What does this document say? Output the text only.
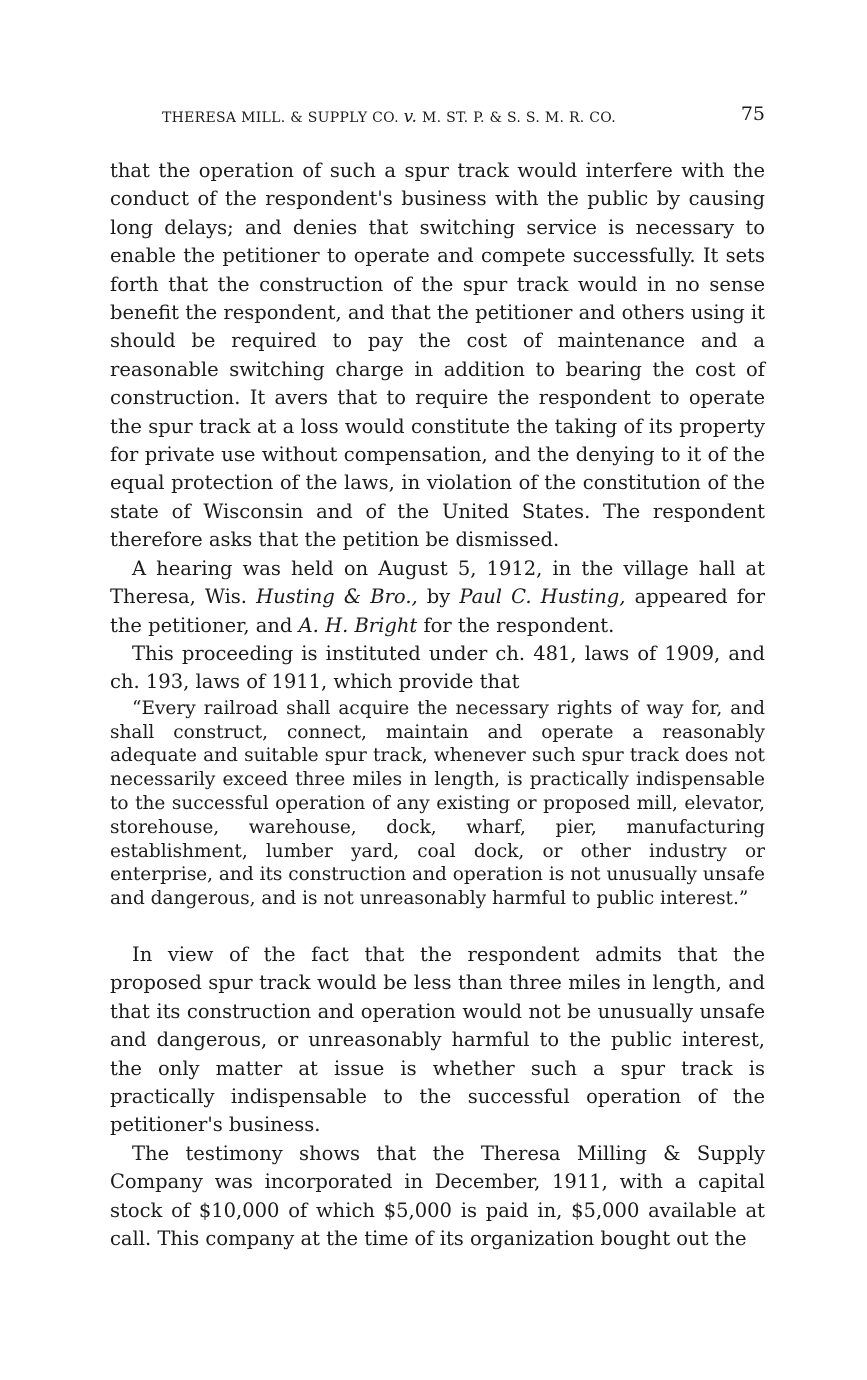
THERESA MILL. & SUPPLY CO. v. M. ST. P. & S. S. M. R. CO.	75

that the operation of such a spur track would interfere with the conduct of the respondent's business with the public by causing long delays; and denies that switching service is necessary to enable the petitioner to operate and compete successfully. It sets forth that the construction of the spur track would in no sense benefit the respondent, and that the petitioner and others using it should be required to pay the cost of maintenance and a reasonable switching charge in addition to bearing the cost of construction. It avers that to require the respondent to operate the spur track at a loss would constitute the taking of its property for private use without compensation, and the denying to it of the equal protection of the laws, in violation of the constitution of the state of Wisconsin and of the United States. The respondent therefore asks that the petition be dismissed.

A hearing was held on August 5, 1912, in the village hall at Theresa, Wis. Husting & Bro., by Paul C. Husting, appeared for the petitioner, and A. H. Bright for the respondent.

This proceeding is instituted under ch. 481, laws of 1909, and ch. 193, laws of 1911, which provide that

“Every railroad shall acquire the necessary rights of way for, and shall construct, connect, maintain and operate a reasonably adequate and suitable spur track, whenever such spur track does not necessarily exceed three miles in length, is practically indispensable to the successful operation of any existing or proposed mill, elevator, storehouse, warehouse, dock, wharf, pier, manufacturing establishment, lumber yard, coal dock, or other industry or enterprise, and its construction and operation is not unusually unsafe and dangerous, and is not unreasonably harmful to public interest.”

In view of the fact that the respondent admits that the proposed spur track would be less than three miles in length, and that its construction and operation would not be unusually unsafe and dangerous, or unreasonably harmful to the public interest, the only matter at issue is whether such a spur track is practically indispensable to the successful operation of the petitioner's business.

The testimony shows that the Theresa Milling & Supply Company was incorporated in December, 1911, with a capital stock of $10,000 of which $5,000 is paid in, $5,000 available at call. This company at the time of its organization bought out the
